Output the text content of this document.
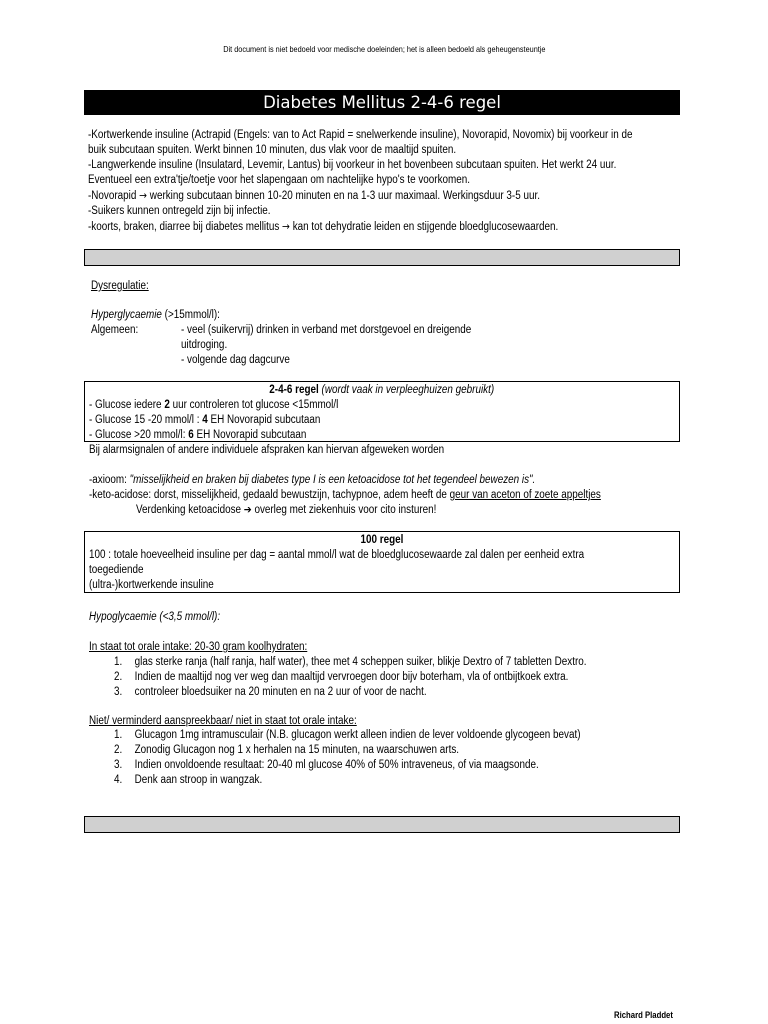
Dit document is niet bedoeld voor medische doeleinden; het is alleen bedoeld als geheugensteuntje
Diabetes Mellitus 2-4-6 regel
-Kortwerkende insuline (Actrapid (Engels: van to Act Rapid = snelwerkende insuline), Novorapid, Novomix) bij voorkeur in de
buik subcutaan spuiten. Werkt binnen 10 minuten, dus vlak voor de maaltijd spuiten.
-Langwerkende insuline (Insulatard, Levemir, Lantus) bij voorkeur in het bovenbeen subcutaan spuiten. Het werkt 24 uur.
Eventueel een extra'tje/toetje voor het slapengaan om nachtelijke hypo's te voorkomen.
-Novorapid → werking subcutaan binnen 10-20 minuten en na 1-3 uur maximaal. Werkingsduur 3-5 uur.
-Suikers kunnen ontregeld zijn bij infectie.
-koorts, braken, diarree bij diabetes mellitus → kan tot dehydratie leiden en stijgende bloedglucosewaarden.
Dysregulatie:
Hyperglycaemie (>15mmol/l):
Algemeen:	- veel (suikervrij) drinken in verband met dorstgevoel en dreigende
uitdroging.
- volgende dag dagcurve
2-4-6 regel (wordt vaak in verpleeghuizen gebruikt)
- Glucose iedere 2 uur controleren tot glucose <15mmol/l
- Glucose 15 -20 mmol/l : 4 EH Novorapid subcutaan
- Glucose >20 mmol/l: 6 EH Novorapid subcutaan
Bij alarmsignalen of andere individuele afspraken kan hiervan afgeweken worden
-axioom: "misselijkheid en braken bij diabetes type I is een ketoacidose tot het tegendeel bewezen is".
-keto-acidose: dorst, misselijkheid, gedaald bewustzijn, tachypnoe, adem heeft de geur van aceton of zoete appeltjes
Verdenking ketoacidose ➔ overleg met ziekenhuis voor cito insturen!
100 regel
100 : totale hoeveelheid insuline per dag = aantal mmol/l wat de bloedglucosewaarde zal dalen per eenheid extra
toegediende
(ultra-)kortwerkende insuline
Hypoglycaemie (<3,5 mmol/l):
In staat tot orale intake: 20-30 gram koolhydraten:
1. glas sterke ranja (half ranja, half water), thee met 4 scheppen suiker, blikje Dextro of 7 tabletten Dextro.
2. Indien de maaltijd nog ver weg dan maaltijd vervroegen door bijv boterham, vla of ontbijtkoek extra.
3. controleer bloedsuiker na 20 minuten en na 2 uur of voor de nacht.
Niet/ verminderd aanspreekbaar/ niet in staat tot orale intake:
1. Glucagon 1mg intramusculair (N.B. glucagon werkt alleen indien de lever voldoende glycogeen bevat)
2. Zonodig Glucagon nog 1 x herhalen na 15 minuten, na waarschuwen arts.
3. Indien onvoldoende resultaat: 20-40 ml glucose 40% of 50% intraveneus, of via maagsonde.
4. Denk aan stroop in wangzak.
Richard Pladdet
